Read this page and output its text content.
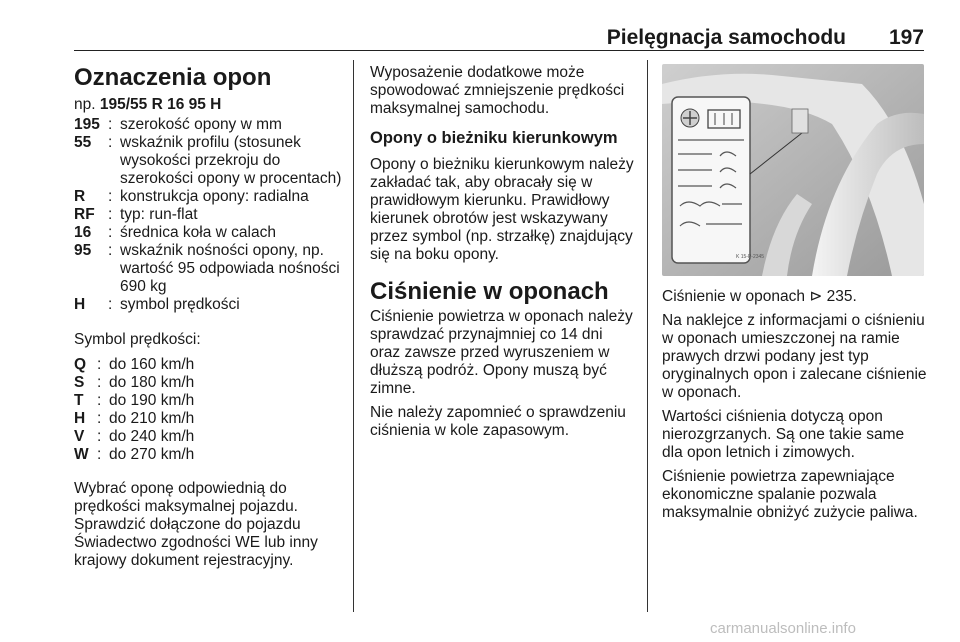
Pielęgnacja samochodu 197
Oznaczenia opon

np. 195/55 R 16 95 H

195 : szerokość opony w mm
55	: wskaźnik profilu (stosunek wysokości przekroju do szerokości opony w procentach)
R	: konstrukcja opony: radialna
RF : typ: run-flat
16	: średnica koła w calach
95	: wskaźnik nośności opony, np. wartość 95 odpowiada nośności 690 kg
H	: symbol prędkości

Symbol prędkości:

Q : do 160 km/h
S : do 180 km/h
T : do 190 km/h
H : do 210 km/h
V : do 240 km/h
W : do 270 km/h

Wybrać oponę odpowiednią do prędkości maksymalnej pojazdu. Sprawdzić dołączone do pojazdu Świadectwo zgodności WE lub inny krajowy dokument rejestracyjny.

Wyposażenie dodatkowe może spowodować zmniejszenie prędkości maksymalnej samochodu.

Opony o bieżniku kierunkowym

Opony o bieżniku kierunkowym należy zakładać tak, aby obracały się w prawidłowym kierunku. Prawidłowy kierunek obrotów jest wskazywany przez symbol (np. strzałkę) znajdujący się na boku opony.

Ciśnienie w oponach

Ciśnienie powietrza w oponach należy sprawdzać przynajmniej co 14 dni oraz zawsze przed wyruszeniem w dłuższą podróż. Opony muszą być zimne.

Nie należy zapomnieć o sprawdzeniu ciśnienia w kole zapasowym.

K 15-P-2345

Ciśnienie w oponach ⊳ 235.

Na naklejce z informacjami o ciśnieniu w oponach umieszczonej na ramie prawych drzwi podany jest typ oryginalnych opon i zalecane ciśnienie w oponach.

Wartości ciśnienia dotyczą opon nierozgrzanych. Są one takie same dla opon letnich i zimowych.

Ciśnienie powietrza zapewniające ekonomiczne spalanie pozwala maksymalnie obniżyć zużycie paliwa.

carmanualsonline.info
